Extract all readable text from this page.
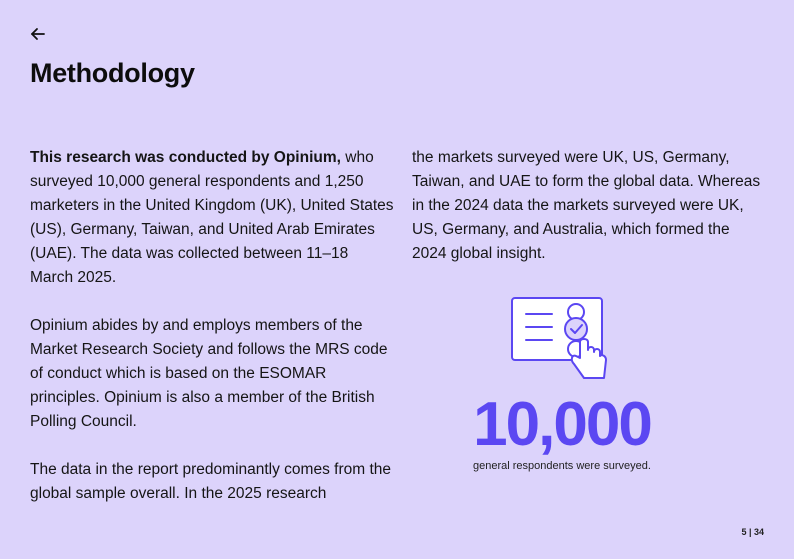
Methodology

This research was conducted by Opinium, who surveyed 10,000 general respondents and 1,250 marketers in the United Kingdom (UK), United States (US), Germany, Taiwan, and United Arab Emirates (UAE). The data was collected between 11–18 March 2025.

Opinium abides by and employs members of the Market Research Society and follows the MRS code of conduct which is based on the ESOMAR principles. Opinium is also a member of the British Polling Council.

The data in the report predominantly comes from the global sample overall. In the 2025 research

the markets surveyed were UK, US, Germany, Taiwan, and UAE to form the global data. Whereas in the 2024 data the markets surveyed were UK, US, Germany, and Australia, which formed the 2024 global insight.

10,000
general respondents were surveyed.
5 | 34
